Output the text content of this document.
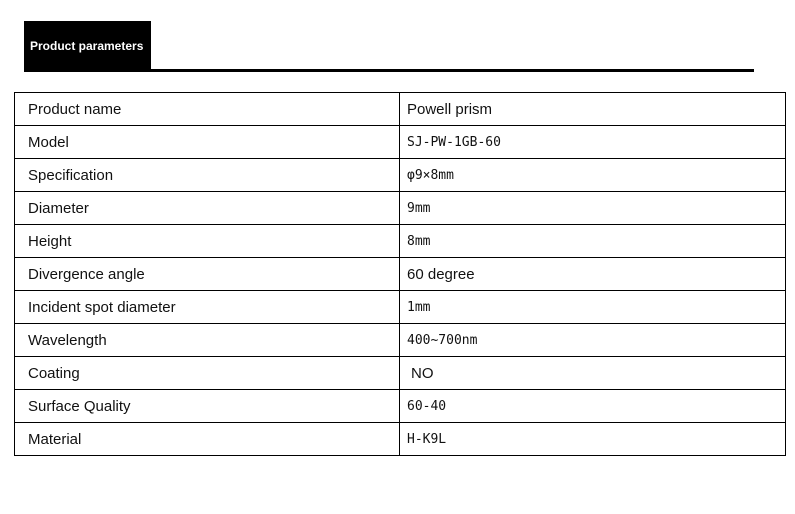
Product parameters
Product name	Powell prism
Model	SJ-PW-1GB-60
Specification	φ9×8mm
Diameter	9mm
Height	8mm
Divergence angle	60 degree
Incident spot diameter	1mm
Wavelength	400~700nm
Coating	NO
Surface Quality	60-40
Material	H-K9L
